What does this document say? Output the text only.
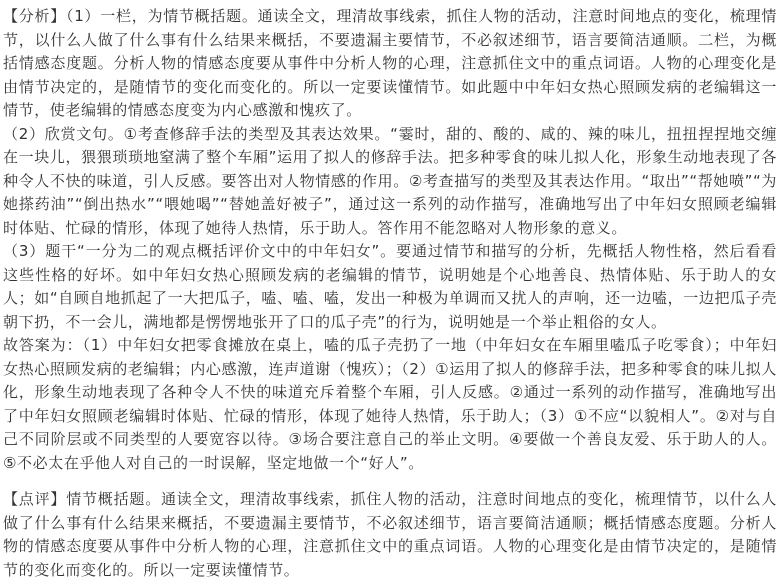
【分析】（1）一栏，为情节概括题。通读全文，理清故事线索，抓住人物的活动，注意时间地点的变化，梳理情节，以什么人做了什么事有什么结果来概括，不要遗漏主要情节，不必叙述细节，语言要简洁通顺。二栏，为概括情感态度题。分析人物的情感态度要从事件中分析人物的心理，注意抓住文中的重点词语。人物的心理变化是由情节决定的，是随情节的变化而变化的。所以一定要读懂情节。如此题中中年妇女热心照顾发病的老编辑这一情节，使老编辑的情感态度变为内心感激和愧疚了。

（2）欣赏文句。①考查修辞手法的类型及其表达效果。“霎时，甜的、酸的、咸的、辣的味儿，扭扭捏捏地交缠在一块儿，猥猥琐琐地窒满了整个车厢”运用了拟人的修辞手法。把多种零食的味儿拟人化，形象生动地表现了各种令人不快的味道，引人反感。要答出对人物情感的作用。②考查描写的类型及其表达作用。“取出”“帮她喷”“为她搽药油”“倒出热水”“喂她喝”“替她盖好被子”，通过这一系列的动作描写，准确地写出了中年妇女照顾老编辑时体贴、忙碌的情形，体现了她待人热情，乐于助人。答作用不能忽略对人物形象的意义。

（3）题干“一分为二的观点概括评价文中的中年妇女”。要通过情节和描写的分析，先概括人物性格，然后看看这些性格的好坏。如中年妇女热心照顾发病的老编辑的情节，说明她是个心地善良、热情体贴、乐于助人的女人；如“自顾自地抓起了一大把瓜子，嗑、嗑、嗑，发出一种极为单调而又扰人的声响，还一边嗑，一边把瓜子壳朝下扔，不一会儿，满地都是愣愣地张开了口的瓜子壳”的行为，说明她是一个举止粗俗的女人。

故答案为：（1）中年妇女把零食摊放在桌上，嗑的瓜子壳扔了一地（中年妇女在车厢里嗑瓜子吃零食）；中年妇女热心照顾发病的老编辑；内心感激，连声道谢（愧疚）；（2）①运用了拟人的修辞手法，把多种零食的味儿拟人化，形象生动地表现了各种令人不快的味道充斥着整个车厢，引人反感。②通过一系列的动作描写，准确地写出了中年妇女照顾老编辑时体贴、忙碌的情形，体现了她待人热情，乐于助人；（3）①不应“以貌相人”。②对与自己不同阶层或不同类型的人要宽容以待。③场合要注意自己的举止文明。④要做一个善良友爱、乐于助人的人。⑤不必太在乎他人对自己的一时误解，坚定地做一个“好人”。

【点评】情节概括题。通读全文，理清故事线索，抓住人物的活动，注意时间地点的变化，梳理情节，以什么人做了什么事有什么结果来概括，不要遗漏主要情节，不必叙述细节，语言要简洁通顺；概括情感态度题。分析人物的情感态度要从事件中分析人物的心理，注意抓住文中的重点词语。人物的心理变化是由情节决定的，是随情节的变化而变化的。所以一定要读懂情节。
